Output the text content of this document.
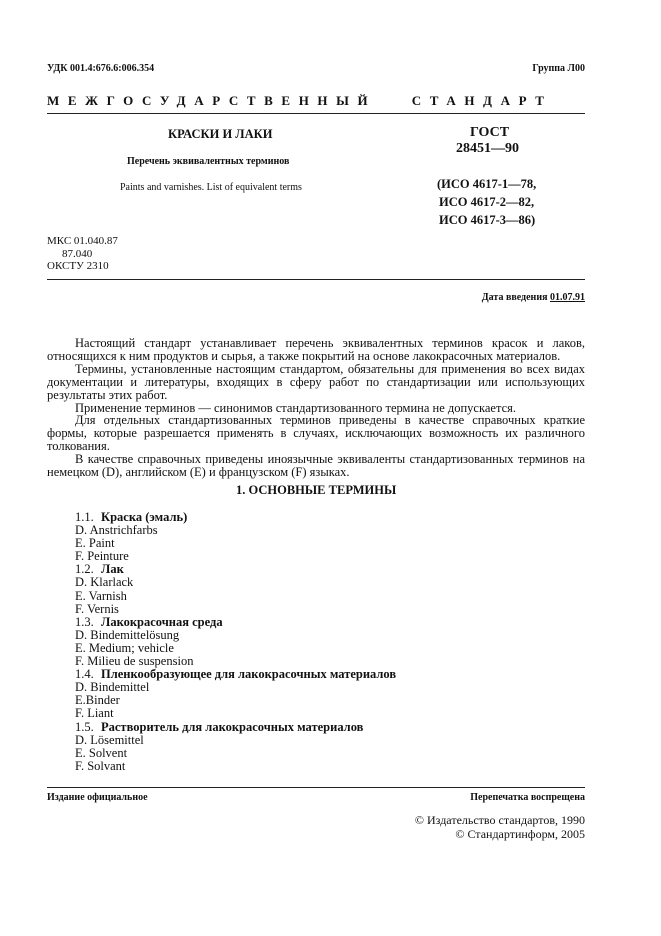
УДК 001.4:676.6:006.354	Группа Л00
МЕЖГОСУДАРСТВЕННЫЙ   СТАНДАРТ
КРАСКИ И ЛАКИ
Перечень эквивалентных терминов
Paints and varnishes. List of equivalent terms
ГОСТ
28451—90
(ИСО 4617-1—78,
ИСО 4617-2—82,
ИСО 4617-3—86)
МКС 01.040.87
87.040
ОКСТУ 2310
Дата введения 01.07.91

Настоящий стандарт устанавливает перечень эквивалентных терминов красок и лаков, относящихся к ним продуктов и сырья, а также покрытий на основе лакокрасочных материалов.

Термины, установленные настоящим стандартом, обязательны для применения во всех видах документации и литературы, входящих в сферу работ по стандартизации или использующих результаты этих работ.

Применение терминов — синонимов стандартизованного термина не допускается.

Для отдельных стандартизованных терминов приведены в качестве справочных краткие формы, которые разрешается применять в случаях, исключающих возможность их различного толкования.

В качестве справочных приведены иноязычные эквиваленты стандартизованных терминов на немецком (D), английском (E) и французском (F) языках.

1. ОСНОВНЫЕ ТЕРМИНЫ
1.1. Краска (эмаль)
D. Anstrichfarbs
E. Paint
F. Peinture
1.2. Лак
D. Klarlack
E. Varnish
F. Vernis
1.3. Лакокрасочная среда
D. Bindemittelösung
E. Medium; vehicle
F. Milieu de suspension
1.4. Пленкообразующее для лакокрасочных материалов
D. Bindemittel
E.Binder
F. Liant
1.5. Растворитель для лакокрасочных материалов
D. Lösemittel
E. Solvent
F. Solvant
Издание официальное	Перепечатка воспрещена
© Издательство стандартов, 1990
© Стандартинформ, 2005
